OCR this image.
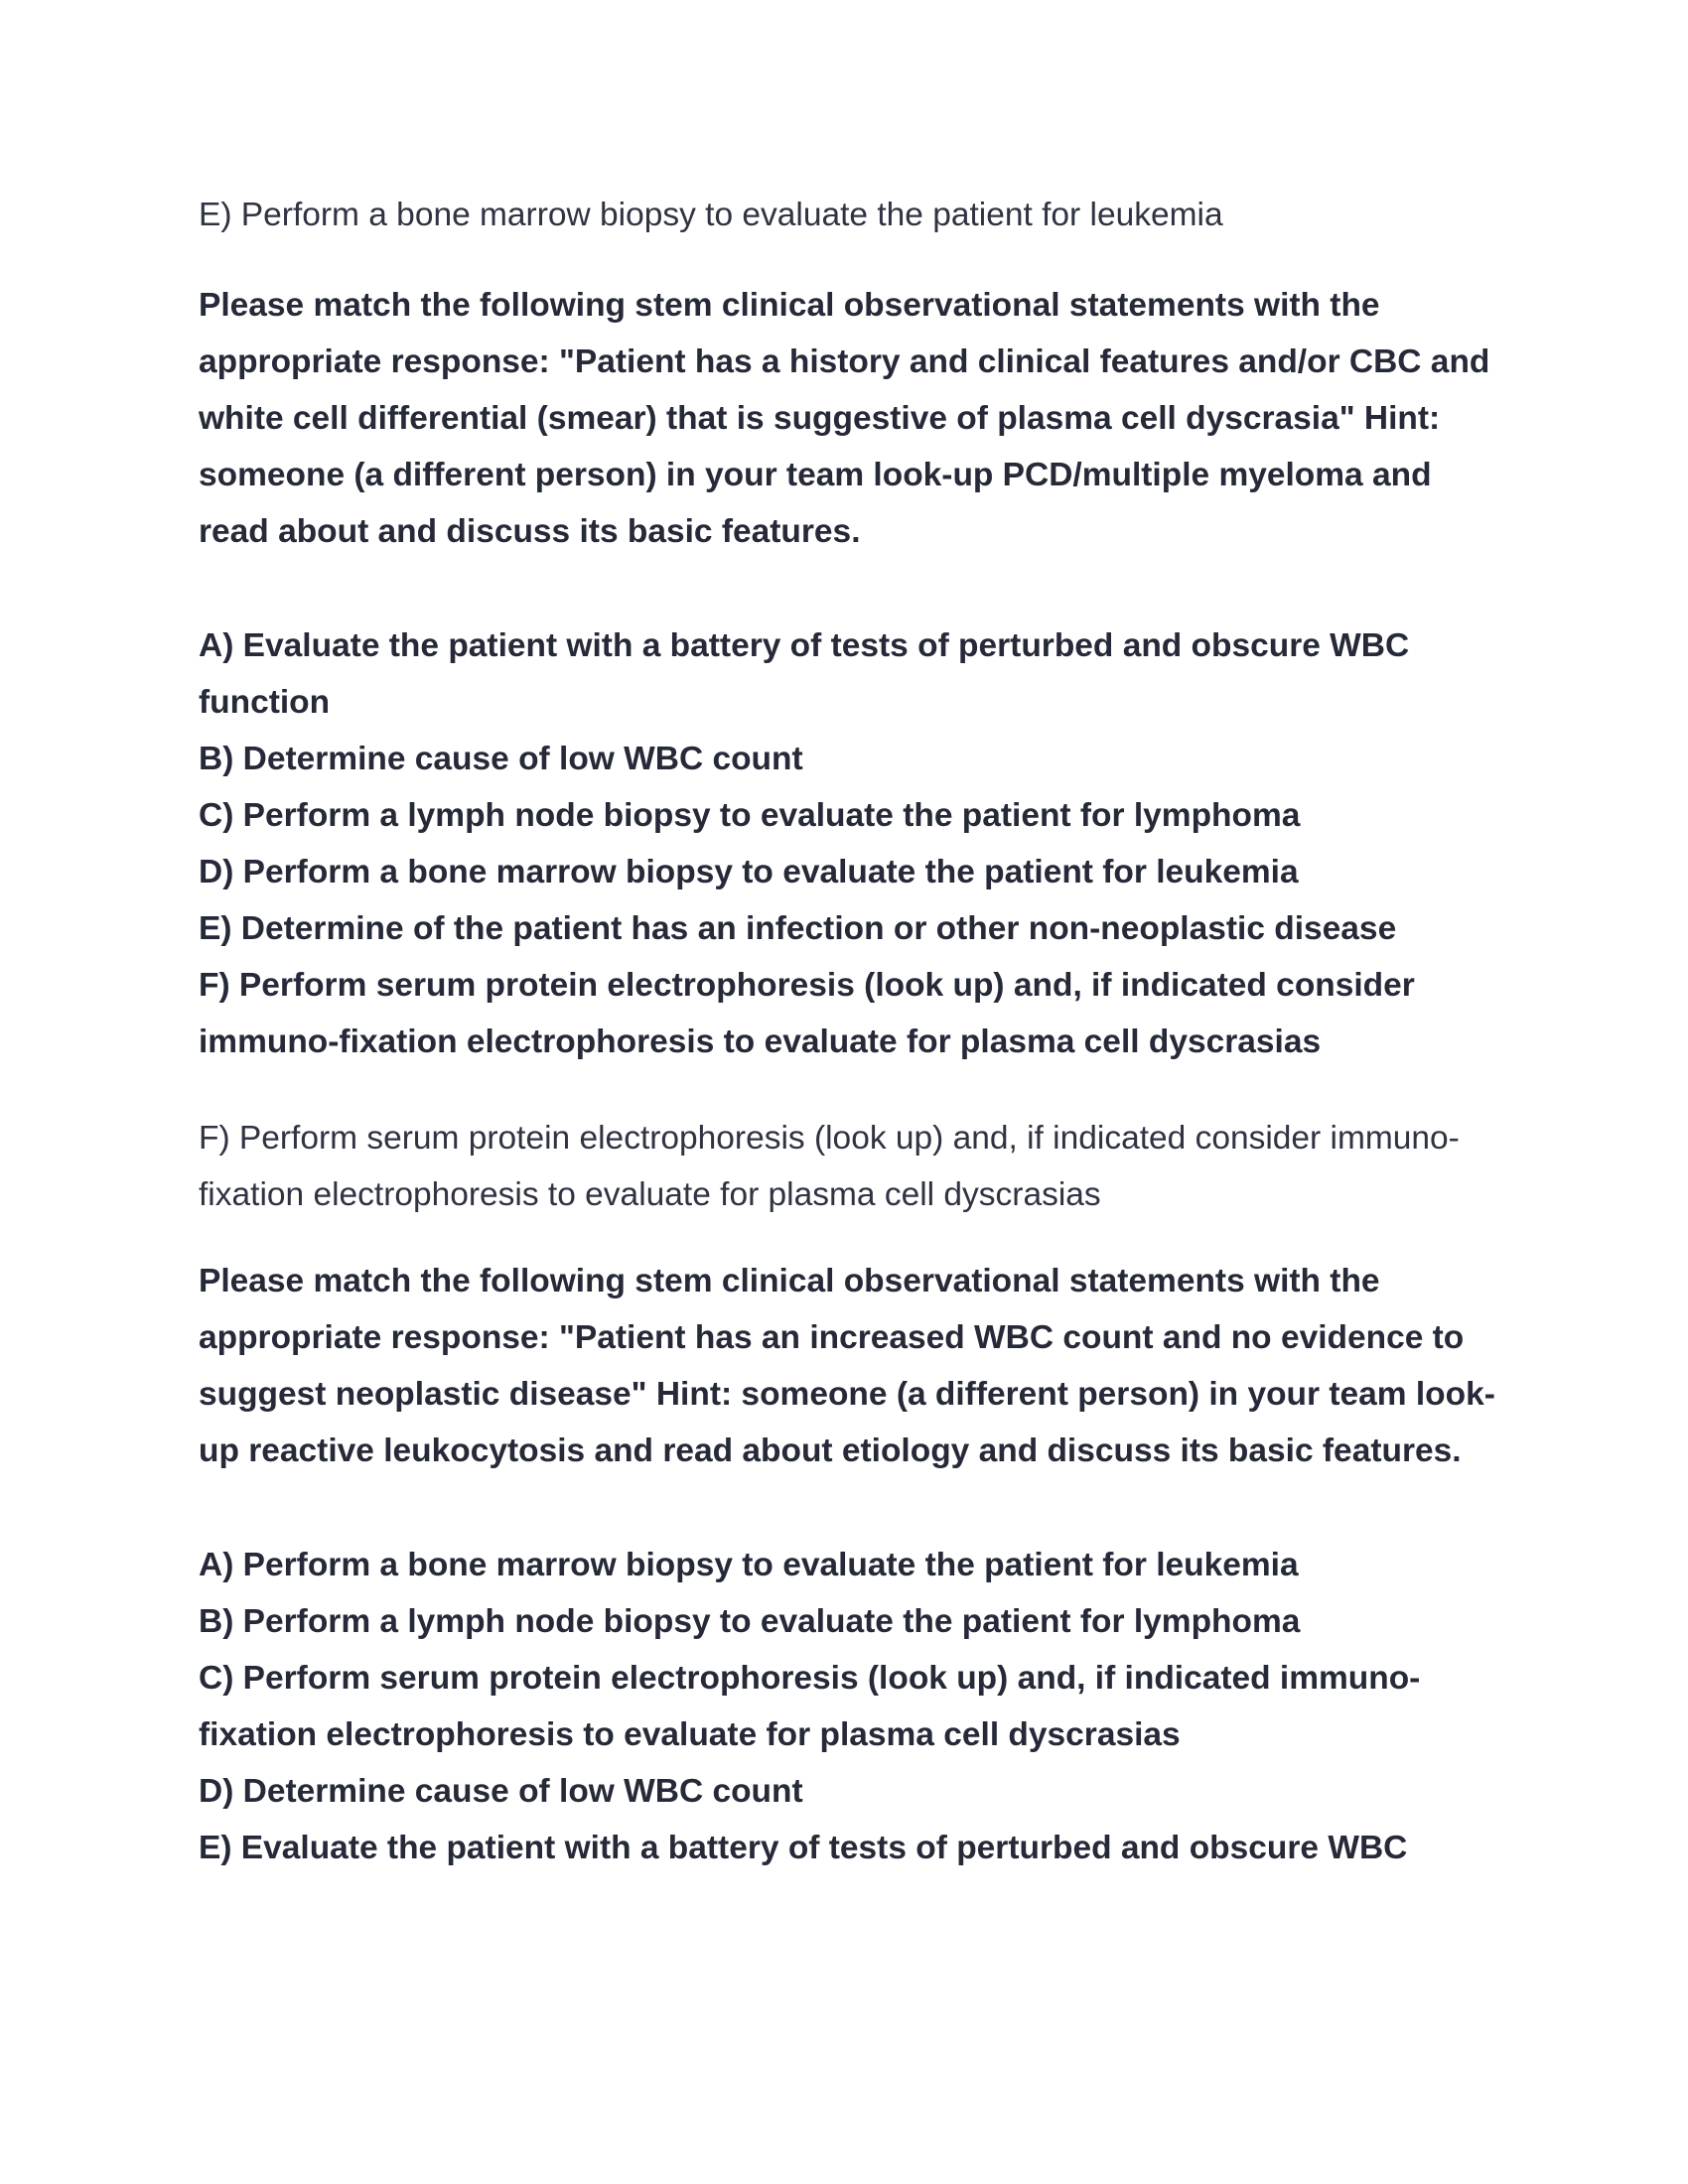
E) Perform a bone marrow biopsy to evaluate the patient for leukemia
Please match the following stem clinical observational statements with the
appropriate response: "Patient has a history and clinical features and/or CBC and
white cell differential (smear) that is suggestive of plasma cell dyscrasia" Hint:
someone (a different person) in your team look-up PCD/multiple myeloma and
read about and discuss its basic features.
A) Evaluate the patient with a battery of tests of perturbed and obscure WBC
function
B) Determine cause of low WBC count
C) Perform a lymph node biopsy to evaluate the patient for lymphoma
D) Perform a bone marrow biopsy to evaluate the patient for leukemia
E) Determine of the patient has an infection or other non-neoplastic disease
F) Perform serum protein electrophoresis (look up) and, if indicated consider
immuno-fixation electrophoresis to evaluate for plasma cell dyscrasias
F) Perform serum protein electrophoresis (look up) and, if indicated consider immuno-
fixation electrophoresis to evaluate for plasma cell dyscrasias
Please match the following stem clinical observational statements with the
appropriate response: "Patient has an increased WBC count and no evidence to
suggest neoplastic disease" Hint: someone (a different person) in your team look-
up reactive leukocytosis and read about etiology and discuss its basic features.
A) Perform a bone marrow biopsy to evaluate the patient for leukemia
B) Perform a lymph node biopsy to evaluate the patient for lymphoma
C) Perform serum protein electrophoresis (look up) and, if indicated immuno-
fixation electrophoresis to evaluate for plasma cell dyscrasias
D) Determine cause of low WBC count
E) Evaluate the patient with a battery of tests of perturbed and obscure WBC
